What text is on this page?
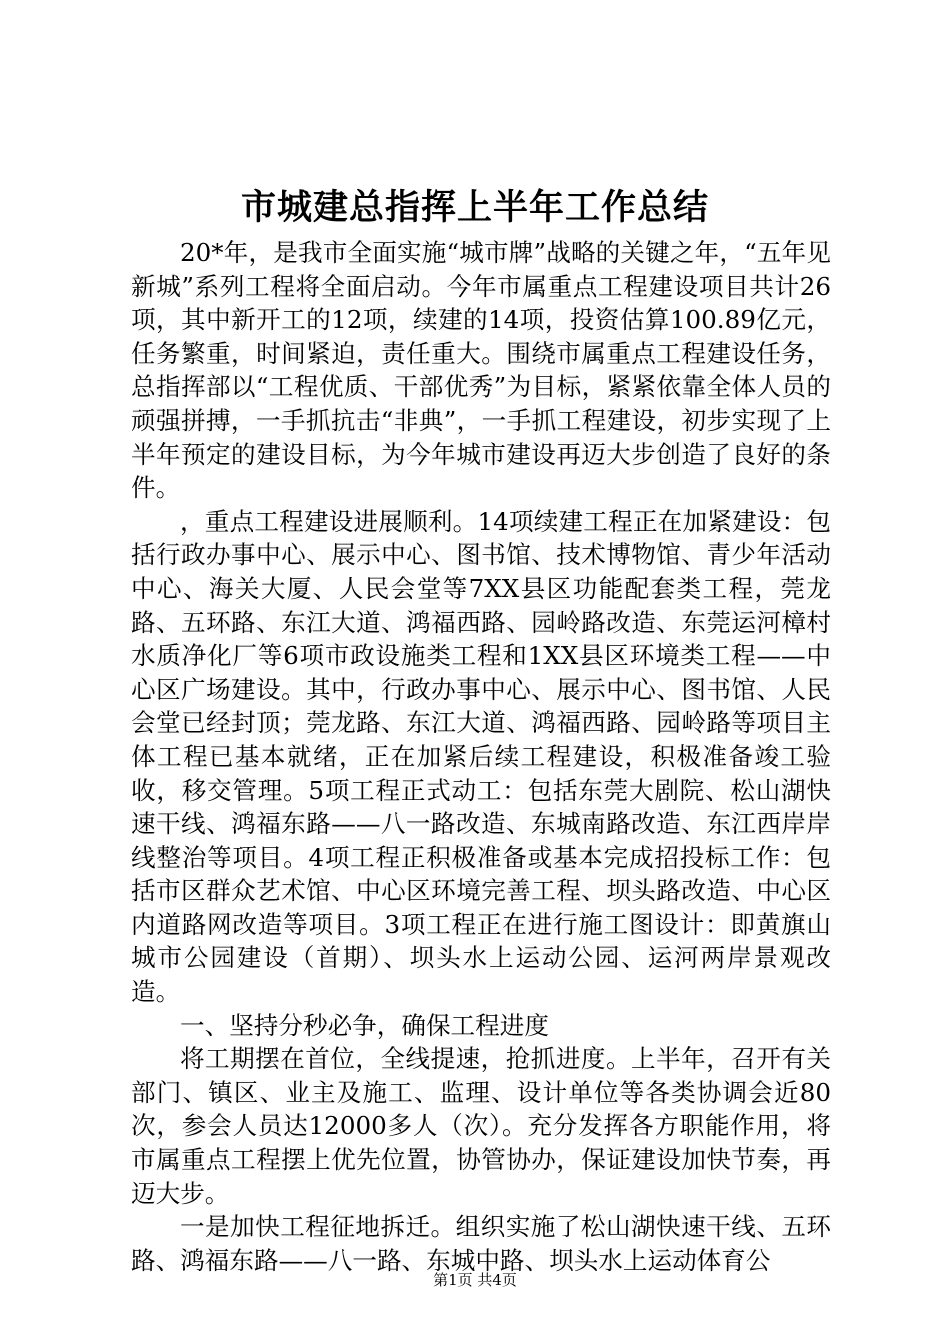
市城建总指挥上半年工作总结

20*年，是我市全面实施“城市牌”战略的关键之年，“五年见新城”系列工程将全面启动。今年市属重点工程建设项目共计26项，其中新开工的12项，续建的14项，投资估算100.89亿元，任务繁重，时间紧迫，责任重大。围绕市属重点工程建设任务，总指挥部以“工程优质、干部优秀”为目标，紧紧依靠全体人员的顽强拼搏，一手抓抗击“非典”，一手抓工程建设，初步实现了上半年预定的建设目标，为今年城市建设再迈大步创造了良好的条件。

，重点工程建设进展顺利。14项续建工程正在加紧建设：包括行政办事中心、展示中心、图书馆、技术博物馆、青少年活动中心、海关大厦、人民会堂等7XX县区功能配套类工程，莞龙路、五环路、东江大道、鸿福西路、园岭路改造、东莞运河樟村水质净化厂等6项市政设施类工程和1XX县区环境类工程——中心区广场建设。其中，行政办事中心、展示中心、图书馆、人民会堂已经封顶；莞龙路、东江大道、鸿福西路、园岭路等项目主体工程已基本就绪，正在加紧后续工程建设，积极准备竣工验收，移交管理。5项工程正式动工：包括东莞大剧院、松山湖快速干线、鸿福东路——八一路改造、东城南路改造、东江西岸岸线整治等项目。4项工程正积极准备或基本完成招投标工作：包括市区群众艺术馆、中心区环境完善工程、坝头路改造、中心区内道路网改造等项目。3项工程正在进行施工图设计：即黄旗山城市公园建设（首期）、坝头水上运动公园、运河两岸景观改造。

一、坚持分秒必争，确保工程进度

将工期摆在首位，全线提速，抢抓进度。上半年，召开有关部门、镇区、业主及施工、监理、设计单位等各类协调会近80次，参会人员达12000多人（次）。充分发挥各方职能作用，将市属重点工程摆上优先位置，协管协办，保证建设加快节奏，再迈大步。

一是加快工程征地拆迁。组织实施了松山湖快速干线、五环路、鸿福东路——八一路、东城中路、坝头水上运动体育公

第1页 共4页
